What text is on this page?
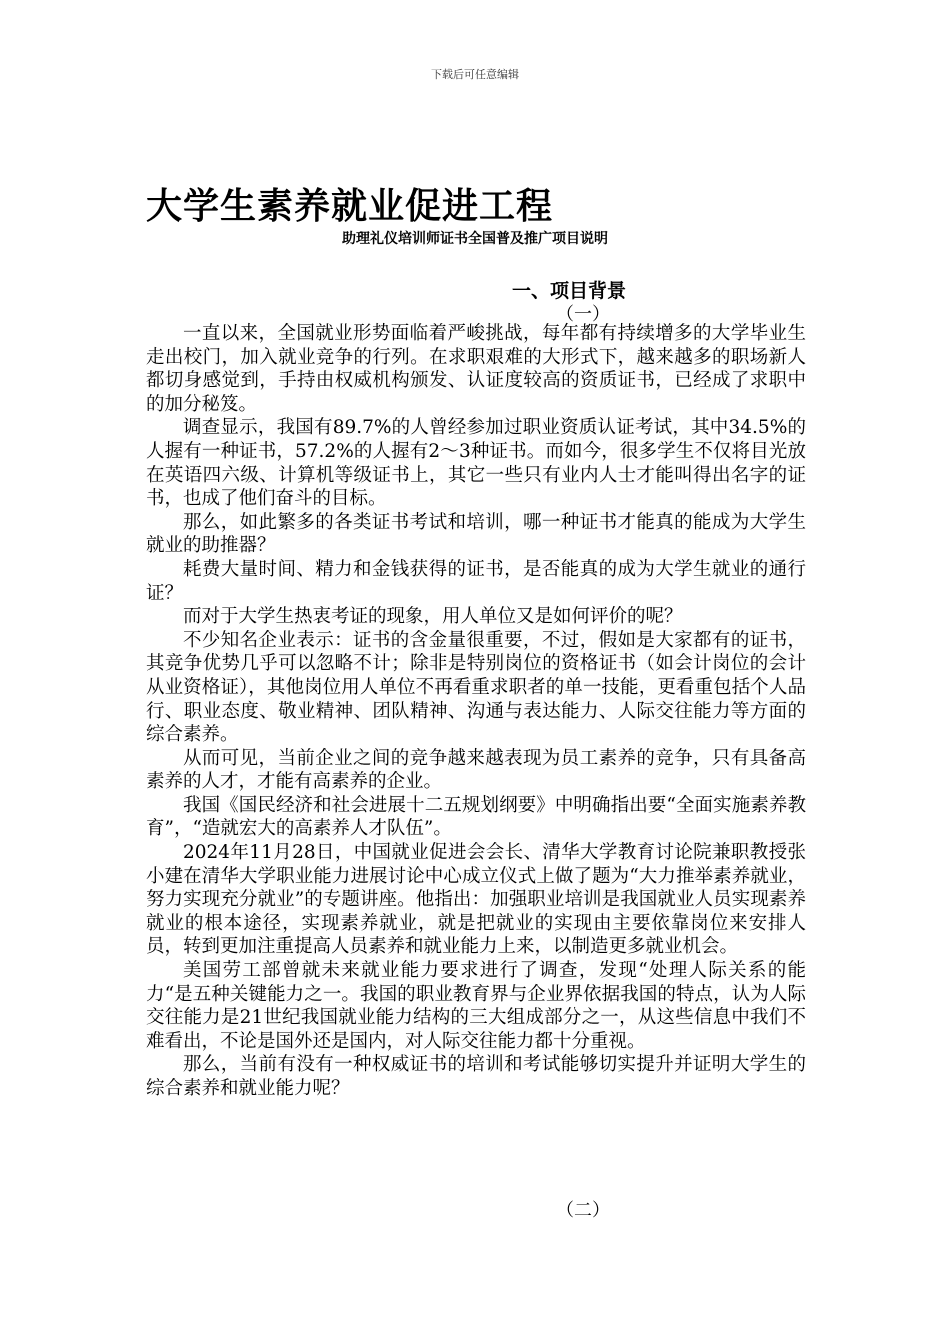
下载后可任意编辑
大学生素养就业促进工程
助理礼仪培训师证书全国普及推广项目说明
一、项目背景
（一）

一直以来，全国就业形势面临着严峻挑战，每年都有持续增多的大学毕业生走出校门，加入就业竞争的行列。在求职艰难的大形式下，越来越多的职场新人都切身感觉到，手持由权威机构颁发、认证度较高的资质证书，已经成了求职中的加分秘笈。

调查显示，我国有89.7%的人曾经参加过职业资质认证考试，其中34.5%的人握有一种证书，57.2%的人握有2～3种证书。而如今，很多学生不仅将目光放在英语四六级、计算机等级证书上，其它一些只有业内人士才能叫得出名字的证书，也成了他们奋斗的目标。

那么，如此繁多的各类证书考试和培训，哪一种证书才能真的能成为大学生就业的助推器？

耗费大量时间、精力和金钱获得的证书，是否能真的成为大学生就业的通行证？

而对于大学生热衷考证的现象，用人单位又是如何评价的呢？

不少知名企业表示：证书的含金量很重要，不过，假如是大家都有的证书，其竞争优势几乎可以忽略不计；除非是特别岗位的资格证书（如会计岗位的会计从业资格证），其他岗位用人单位不再看重求职者的单一技能，更看重包括个人品行、职业态度、敬业精神、团队精神、沟通与表达能力、人际交往能力等方面的综合素养。

从而可见，当前企业之间的竞争越来越表现为员工素养的竞争，只有具备高素养的人才，才能有高素养的企业。

我国《国民经济和社会进展十二五规划纲要》中明确指出要“全面实施素养教育”，“造就宏大的高素养人才队伍”。

2024年11月28日，中国就业促进会会长、清华大学教育讨论院兼职教授张小建在清华大学职业能力进展讨论中心成立仪式上做了题为“大力推举素养就业，努力实现充分就业”的专题讲座。他指出：加强职业培训是我国就业人员实现素养就业的根本途径，实现素养就业，就是把就业的实现由主要依靠岗位来安排人员，转到更加注重提高人员素养和就业能力上来，以制造更多就业机会。

美国劳工部曾就未来就业能力要求进行了调查，发现“处理人际关系的能力“是五种关键能力之一。我国的职业教育界与企业界依据我国的特点，认为人际交往能力是21世纪我国就业能力结构的三大组成部分之一，从这些信息中我们不难看出，不论是国外还是国内，对人际交往能力都十分重视。

那么，当前有没有一种权威证书的培训和考试能够切实提升并证明大学生的综合素养和就业能力呢？

（二）
